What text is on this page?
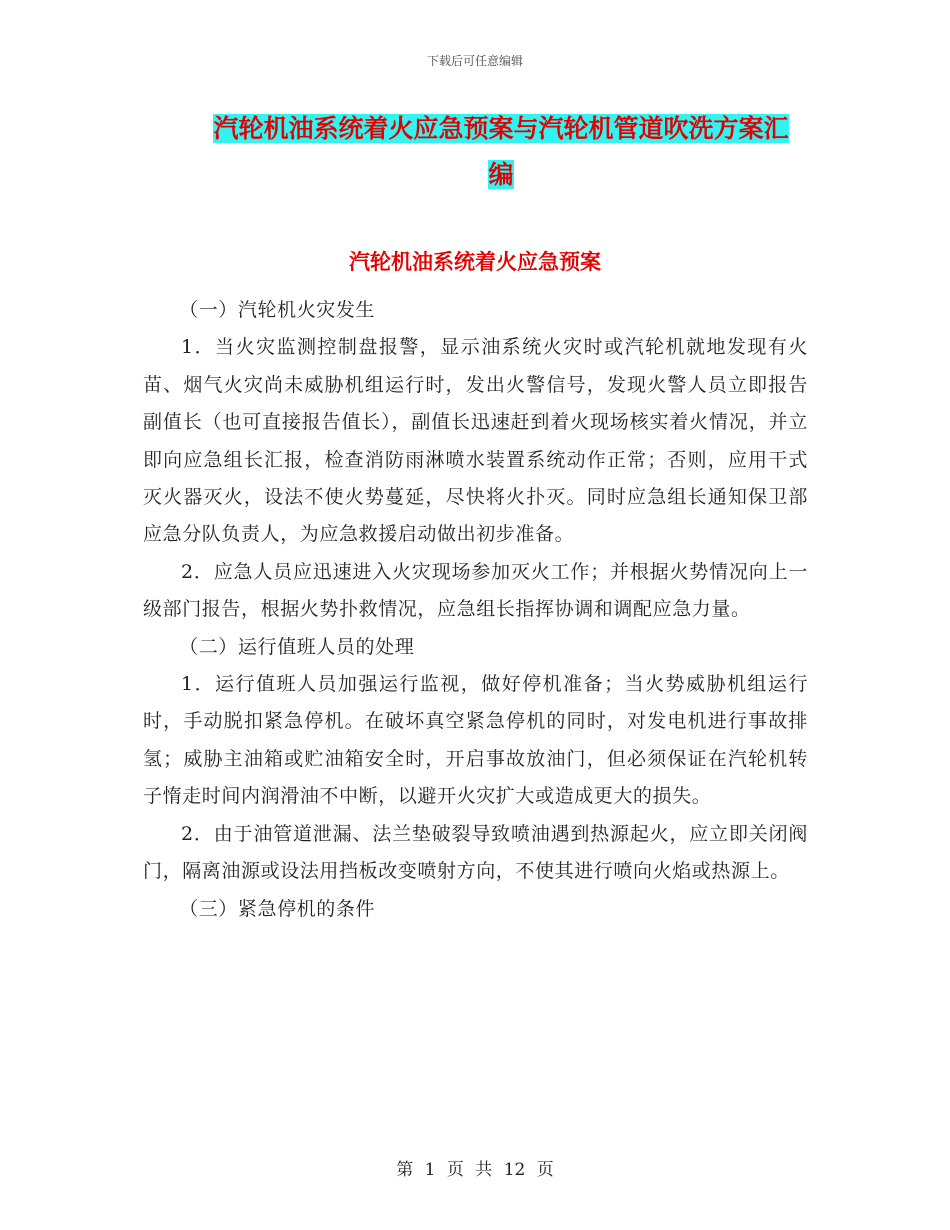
下载后可任意编辑
汽轮机油系统着火应急预案与汽轮机管道吹洗方案汇
编
汽轮机油系统着火应急预案

（一）汽轮机火灾发生

1．当火灾监测控制盘报警，显示油系统火灾时或汽轮机就地发现有火苗、烟气火灾尚未威胁机组运行时，发出火警信号，发现火警人员立即报告副值长（也可直接报告值长），副值长迅速赶到着火现场核实着火情况，并立即向应急组长汇报，检查消防雨淋喷水装置系统动作正常；否则，应用干式灭火器灭火，设法不使火势蔓延，尽快将火扑灭。同时应急组长通知保卫部应急分队负责人，为应急救援启动做出初步准备。

2．应急人员应迅速进入火灾现场参加灭火工作；并根据火势情况向上一级部门报告，根据火势扑救情况，应急组长指挥协调和调配应急力量。

（二）运行值班人员的处理

1．运行值班人员加强运行监视，做好停机准备；当火势威胁机组运行时，手动脱扣紧急停机。在破坏真空紧急停机的同时，对发电机进行事故排氢；威胁主油箱或贮油箱安全时，开启事故放油门，但必须保证在汽轮机转子惰走时间内润滑油不中断，以避开火灾扩大或造成更大的损失。

2．由于油管道泄漏、法兰垫破裂导致喷油遇到热源起火，应立即关闭阀门，隔离油源或设法用挡板改变喷射方向，不使其进行喷向火焰或热源上。

（三）紧急停机的条件

第 1 页 共 12 页
